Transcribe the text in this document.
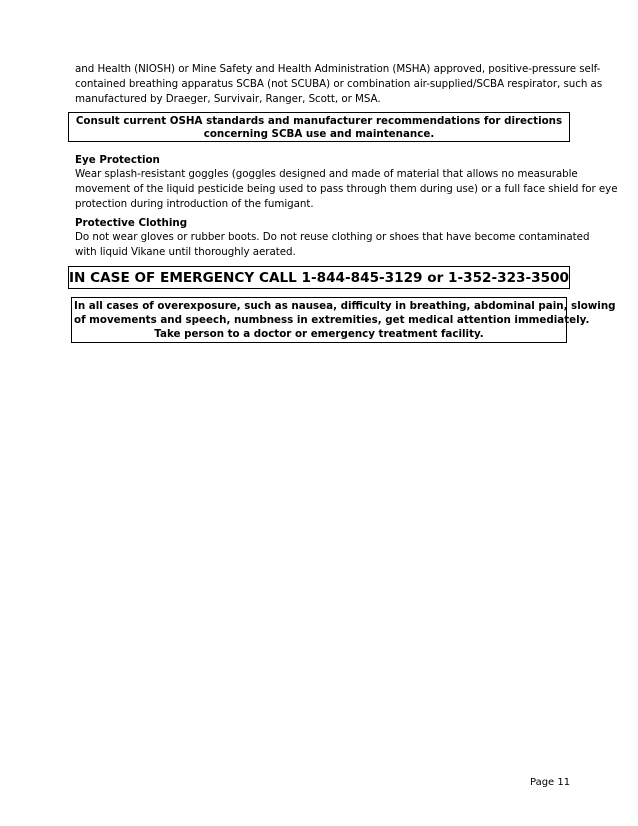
and Health (NIOSH) or Mine Safety and Health Administration (MSHA) approved, positive-pressure self-
contained breathing apparatus SCBA (not SCUBA) or combination air-supplied/SCBA respirator, such as
manufactured by Draeger, Survivair, Ranger, Scott, or MSA.
Consult current OSHA standards and manufacturer recommendations for directions
concerning SCBA use and maintenance.
Eye Protection
Wear splash-resistant goggles (goggles designed and made of material that allows no measurable
movement of the liquid pesticide being used to pass through them during use) or a full face shield for eye
protection during introduction of the fumigant.
Protective Clothing
Do not wear gloves or rubber boots. Do not reuse clothing or shoes that have become contaminated
with liquid Vikane until thoroughly aerated.
IN CASE OF EMERGENCY CALL 1-844-845-3129 or 1-352-323-3500
In all cases of overexposure, such as nausea, difficulty in breathing, abdominal pain, slowing
of movements and speech, numbness in extremities, get medical attention immediately.
Take person to a doctor or emergency treatment facility.
Page 11
